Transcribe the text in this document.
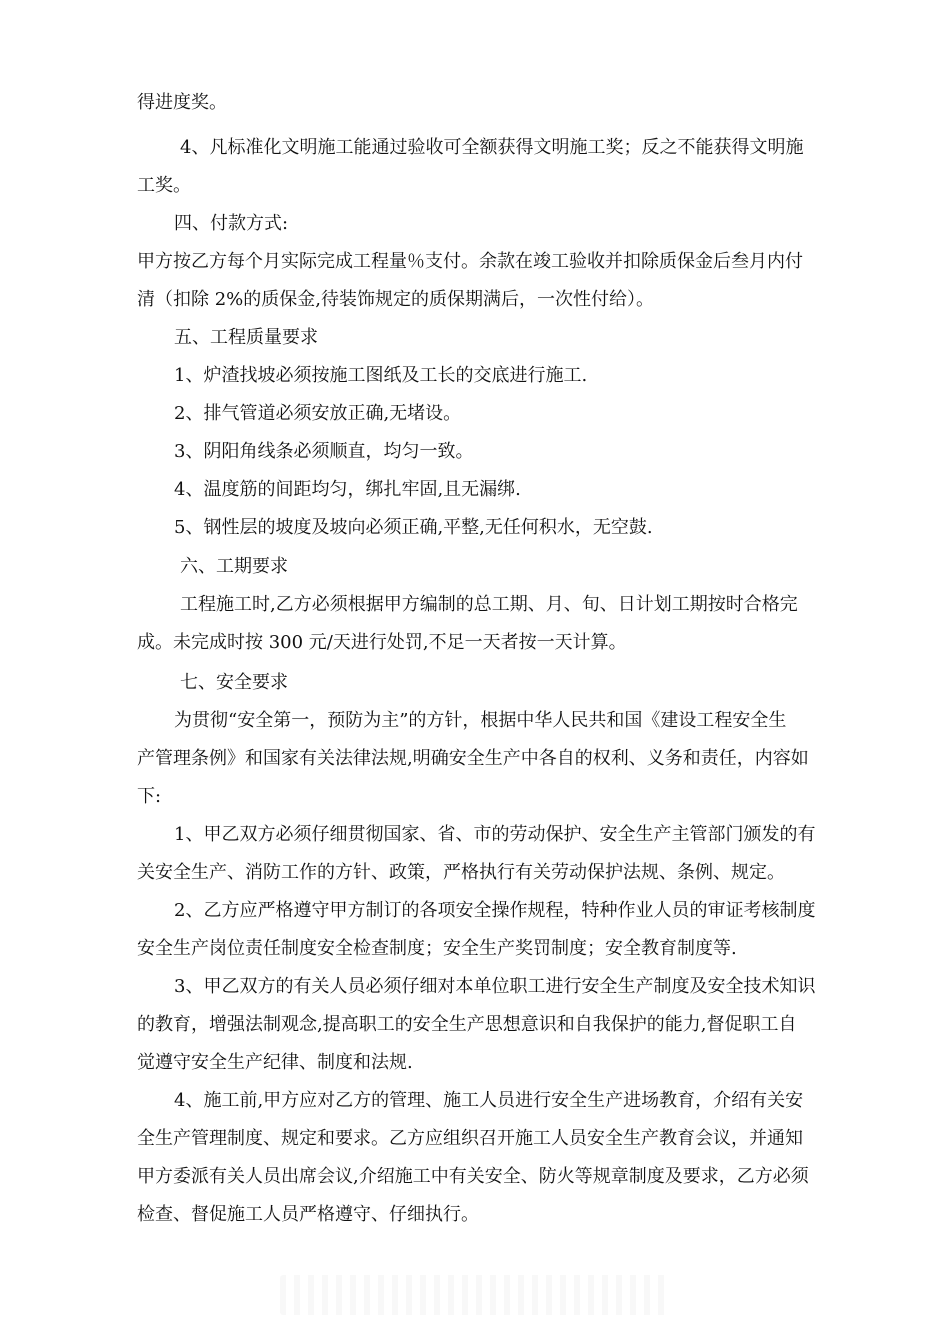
得进度奖。
4、凡标准化文明施工能通过验收可全额获得文明施工奖；反之不能获得文明施
工奖。
四、付款方式:
甲方按乙方每个月实际完成工程量％支付。余款在竣工验收并扣除质保金后叁月内付
清（扣除 2%的质保金,待装饰规定的质保期满后，一次性付给）。
五、工程质量要求
1、炉渣找坡必须按施工图纸及工长的交底进行施工.
2、排气管道必须安放正确,无堵设。
3、阴阳角线条必须顺直，均匀一致。
4、温度筋的间距均匀，绑扎牢固,且无漏绑.
5、钢性层的坡度及坡向必须正确,平整,无任何积水，无空鼓.
六、工期要求
工程施工时,乙方必须根据甲方编制的总工期、月、旬、日计划工期按时合格完
成。未完成时按 300 元/天进行处罚,不足一天者按一天计算。
七、安全要求
为贯彻“安全第一，预防为主”的方针，根据中华人民共和国《建设工程安全生
产管理条例》和国家有关法律法规,明确安全生产中各自的权利、义务和责任，内容如
下:
1、甲乙双方必须仔细贯彻国家、省、市的劳动保护、安全生产主管部门颁发的有
关安全生产、消防工作的方针、政策，严格执行有关劳动保护法规、条例、规定。
2、乙方应严格遵守甲方制订的各项安全操作规程，特种作业人员的审证考核制度
安全生产岗位责任制度安全检查制度；安全生产奖罚制度；安全教育制度等.
3、甲乙双方的有关人员必须仔细对本单位职工进行安全生产制度及安全技术知识
的教育，增强法制观念,提高职工的安全生产思想意识和自我保护的能力,督促职工自
觉遵守安全生产纪律、制度和法规.
4、施工前,甲方应对乙方的管理、施工人员进行安全生产进场教育，介绍有关安
全生产管理制度、规定和要求。乙方应组织召开施工人员安全生产教育会议，并通知
甲方委派有关人员出席会议,介绍施工中有关安全、防火等规章制度及要求，乙方必须
检查、督促施工人员严格遵守、仔细执行。
